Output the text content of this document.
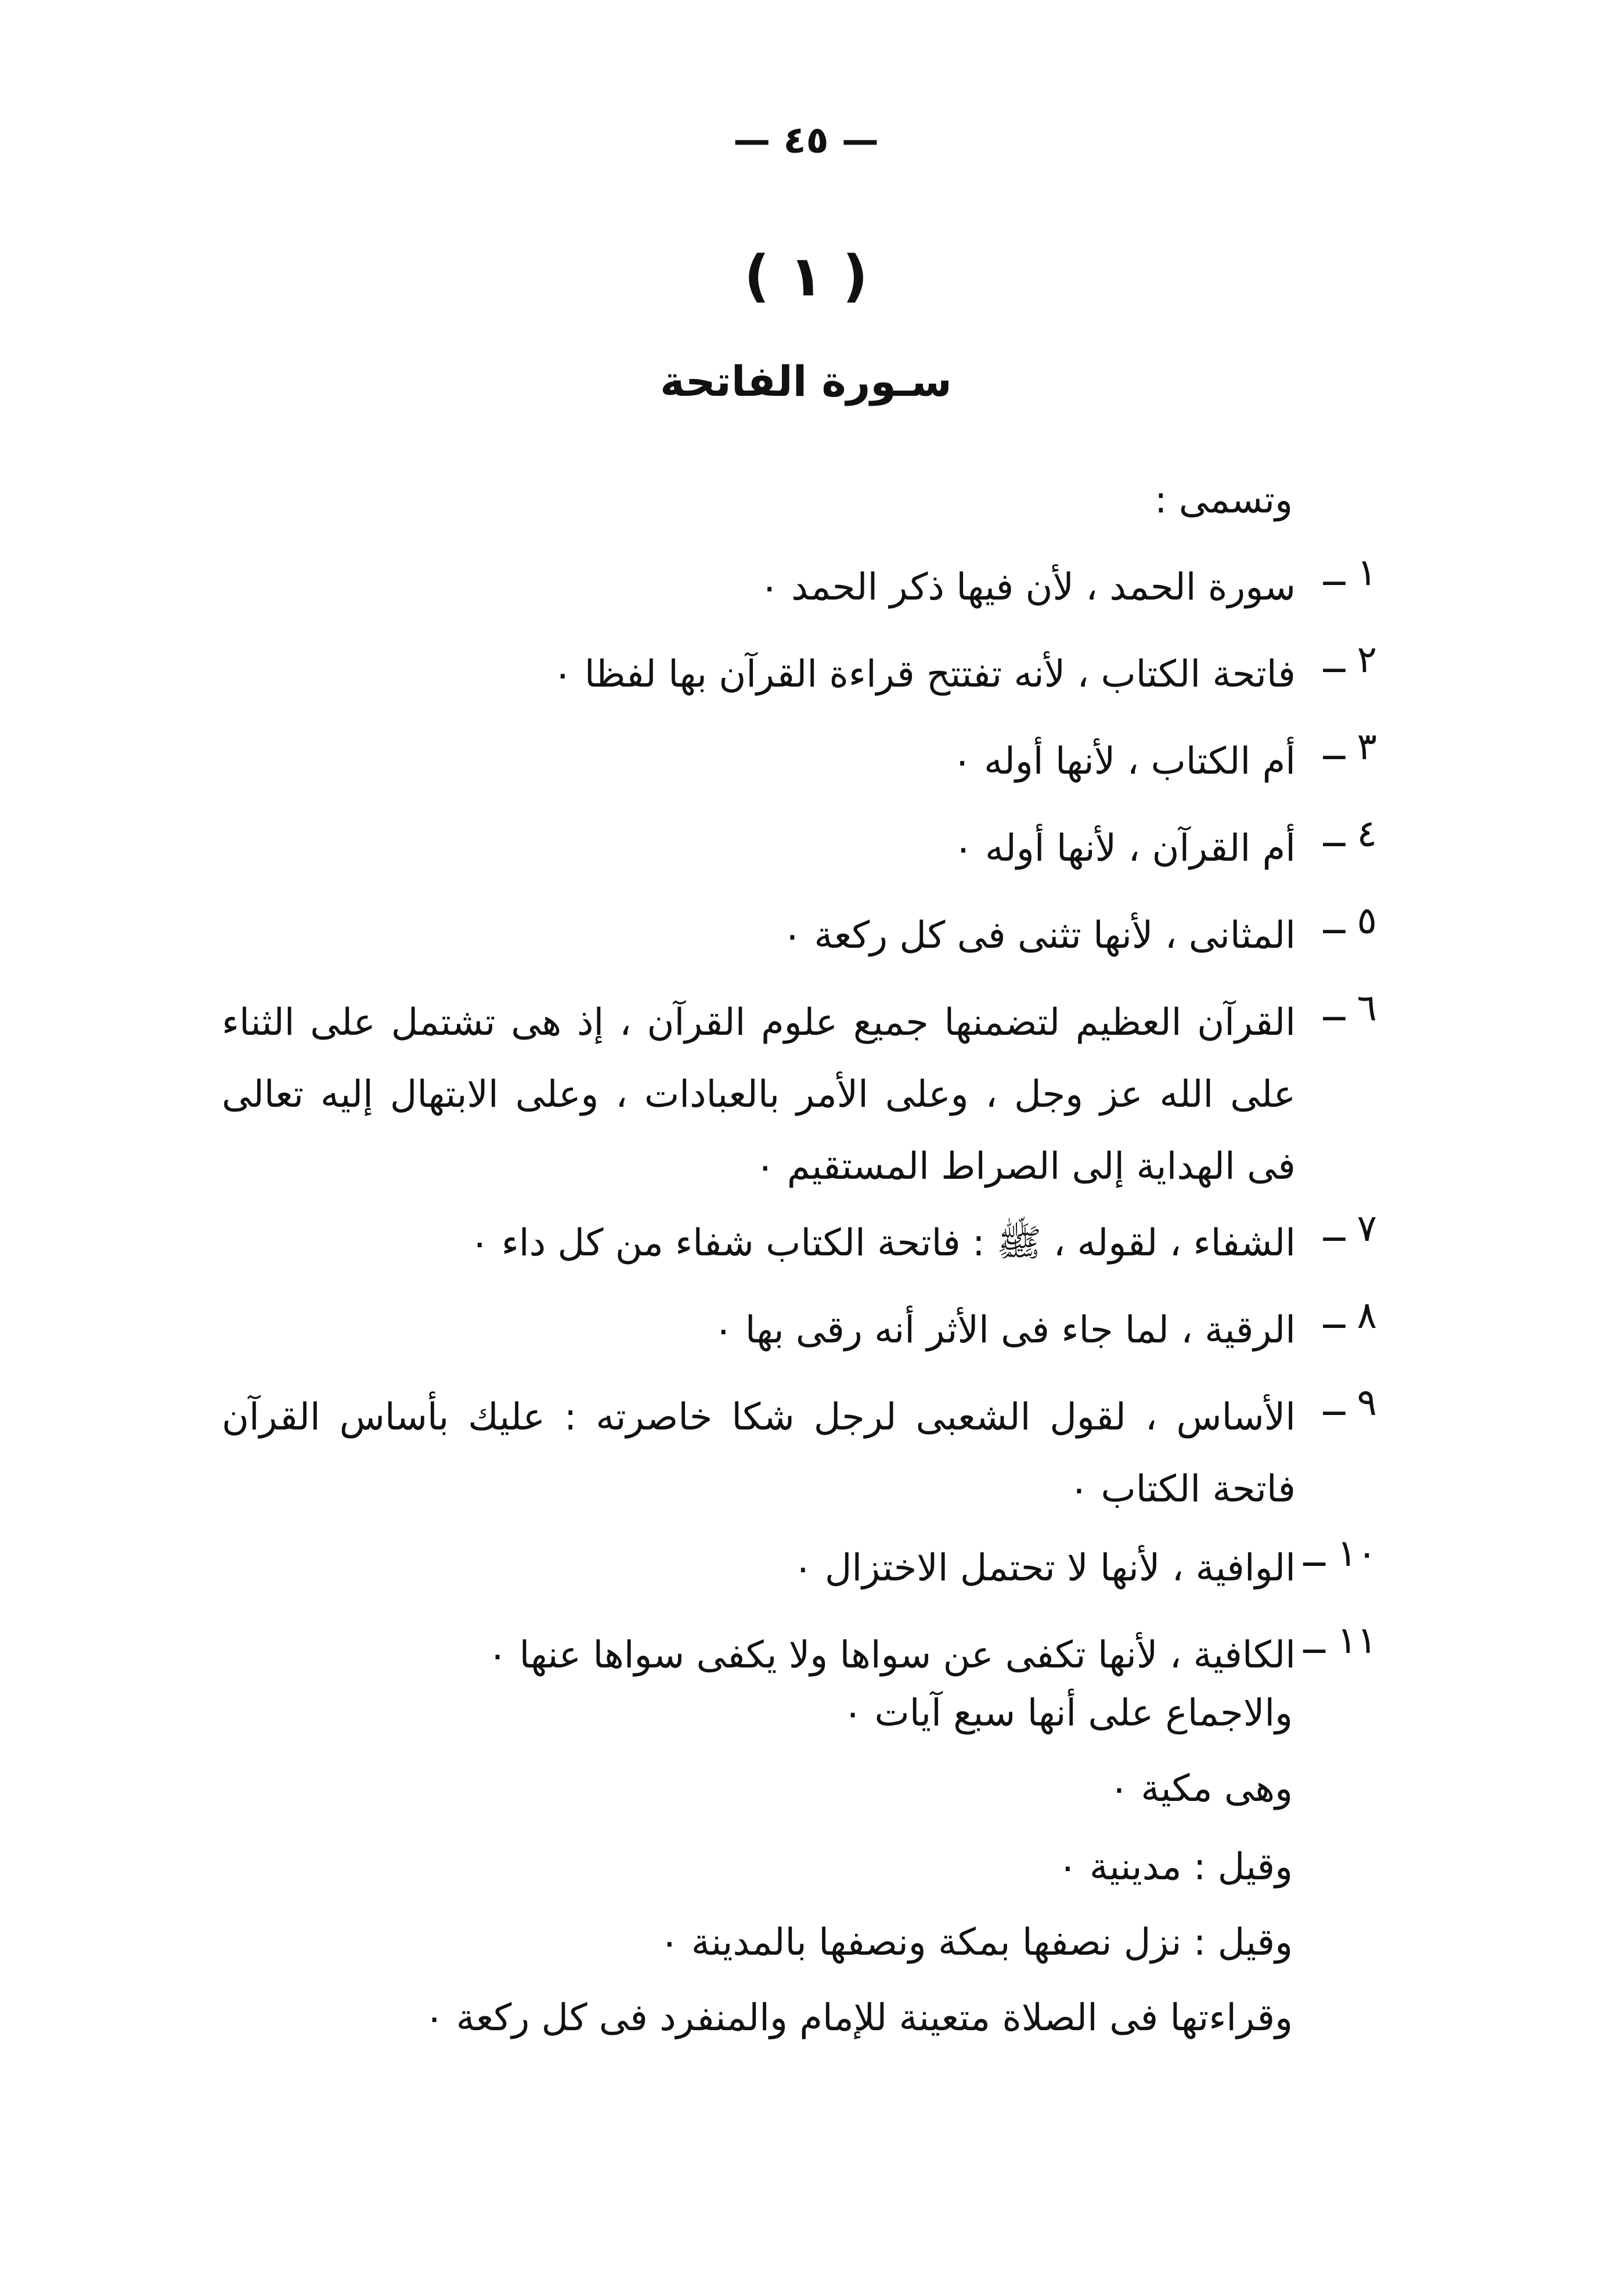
— ٤٥ —
( ١ )
سـورة الفاتحة
وتسمى :
١ ــ
سورة الحمد ، لأن فيها ذكر الحمد ٠
٢ ــ
فاتحة الكتاب ، لأنه تفتتح قراءة القرآن بها لفظا ٠
٣ ــ
أم الكتاب ، لأنها أوله ٠
٤ ــ
أم القرآن ، لأنها أوله ٠
٥ ــ
المثانى ، لأنها تثنى فى كل ركعة ٠
٦ ــ
القرآن العظيم لتضمنها جميع علوم القرآن ، إذ هى تشتمل على الثناء على الله عز وجل ، وعلى الأمر بالعبادات ، وعلى الابتهال إليه تعالى فى الهداية إلى الصراط المستقيم ٠
٧ ــ
الشفاء ، لقوله ، ﷺ : فاتحة الكتاب شفاء من كل داء ٠
٨ ــ
الرقية ، لما جاء فى الأثر أنه رقى بها ٠
٩ ــ
الأساس ، لقول الشعبى لرجل شكا خاصرته : عليك بأساس القرآن فاتحة الكتاب ٠
١٠ ــ
الوافية ، لأنها لا تحتمل الاختزال ٠
١١ ــ
الكافية ، لأنها تكفى عن سواها ولا يكفى سواها عنها ٠
والاجماع على أنها سبع آيات ٠
وهى مكية ٠
وقيل : مدينية ٠
وقيل : نزل نصفها بمكة ونصفها بالمدينة ٠
وقراءتها فى الصلاة متعينة للإمام والمنفرد فى كل ركعة ٠
